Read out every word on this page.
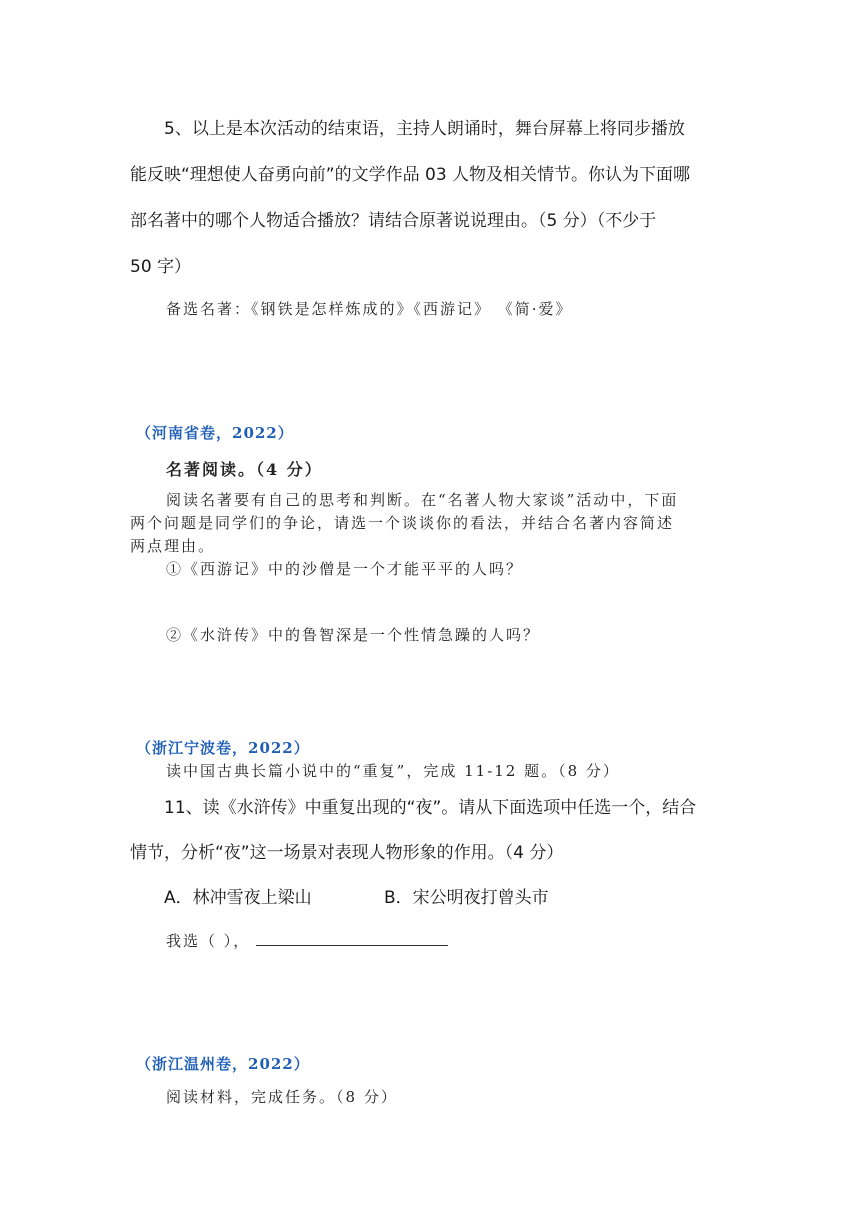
5、以上是本次活动的结束语，主持人朗诵时，舞台屏幕上将同步播放
能反映“理想使人奋勇向前”的文学作品 03 人物及相关情节。你认为下面哪
部名著中的哪个人物适合播放？请结合原著说说理由。（5 分）（不少于
50 字）
备选名著：《钢铁是怎样炼成的》《西游记》 《简·爱》
（河南省卷，2022）
名著阅读。（4 分）
阅读名著要有自己的思考和判断。在“名著人物大家谈”活动中，下面
两个问题是同学们的争论，请选一个谈谈你的看法，并结合名著内容简述
两点理由。
①《西游记》中的沙僧是一个才能平平的人吗？
②《水浒传》中的鲁智深是一个性情急躁的人吗？
（浙江宁波卷，2022）
读中国古典长篇小说中的“重复”，完成 11-12 题。（8 分）
11、读《水浒传》中重复出现的“夜”。请从下面选项中任选一个，结合
情节，分析“夜”这一场景对表现人物形象的作用。（4 分）
A．林冲雪夜上梁山	B．宋公明夜打曾头市
我选（ ），
（浙江温州卷，2022）
阅读材料，完成任务。（8 分）
